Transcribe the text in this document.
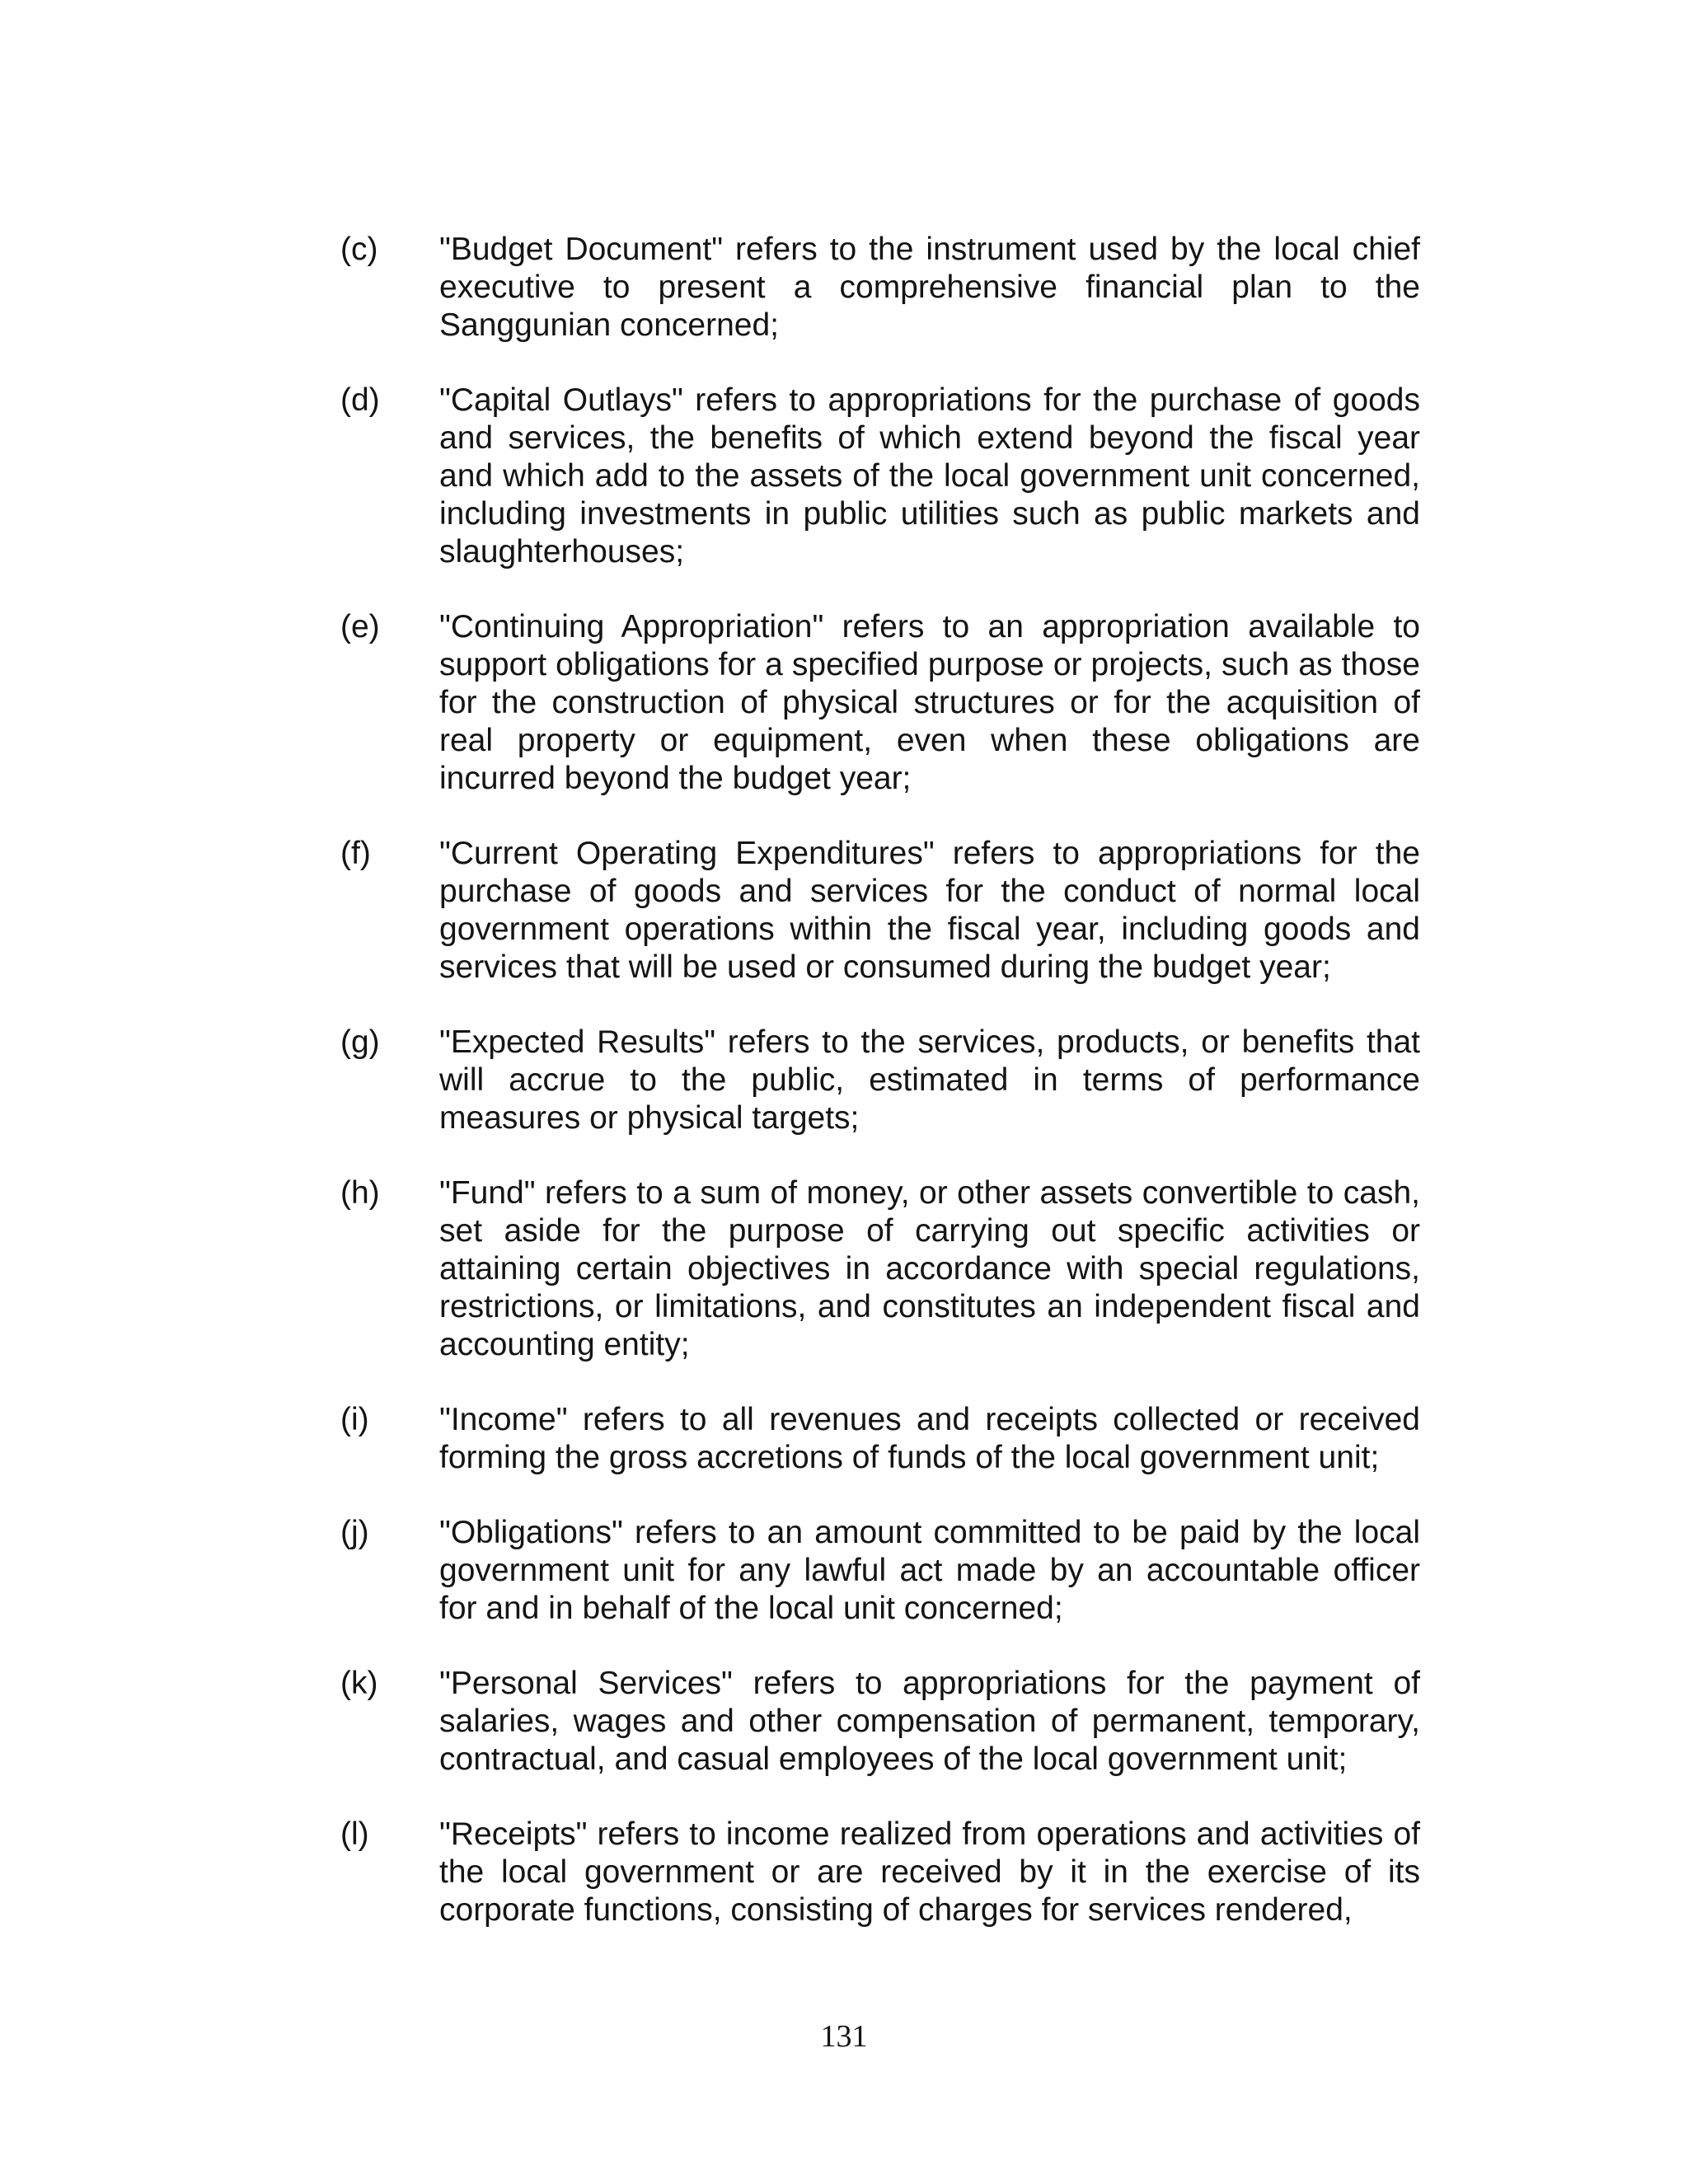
(c)	"Budget Document" refers to the instrument used by the local chief executive to present a comprehensive financial plan to the Sanggunian concerned;
(d)	"Capital Outlays" refers to appropriations for the purchase of goods and services, the benefits of which extend beyond the fiscal year and which add to the assets of the local government unit concerned, including investments in public utilities such as public markets and slaughterhouses;
(e)	"Continuing Appropriation" refers to an appropriation available to support obligations for a specified purpose or projects, such as those for the construction of physical structures or for the acquisition of real property or equipment, even when these obligations are incurred beyond the budget year;
(f)	"Current Operating Expenditures" refers to appropriations for the purchase of goods and services for the conduct of normal local government operations within the fiscal year, including goods and services that will be used or consumed during the budget year;
(g)	"Expected Results" refers to the services, products, or benefits that will accrue to the public, estimated in terms of performance measures or physical targets;
(h)	"Fund" refers to a sum of money, or other assets convertible to cash, set aside for the purpose of carrying out specific activities or attaining certain objectives in accordance with special regulations, restrictions, or limitations, and constitutes an independent fiscal and accounting entity;
(i)	"Income" refers to all revenues and receipts collected or received forming the gross accretions of funds of the local government unit;
(j)	"Obligations" refers to an amount committed to be paid by the local government unit for any lawful act made by an accountable officer for and in behalf of the local unit concerned;
(k)	"Personal Services" refers to appropriations for the payment of salaries, wages and other compensation of permanent, temporary, contractual, and casual employees of the local government unit;
(l)	"Receipts" refers to income realized from operations and activities of the local government or are received by it in the exercise of its corporate functions, consisting of charges for services rendered,
131
